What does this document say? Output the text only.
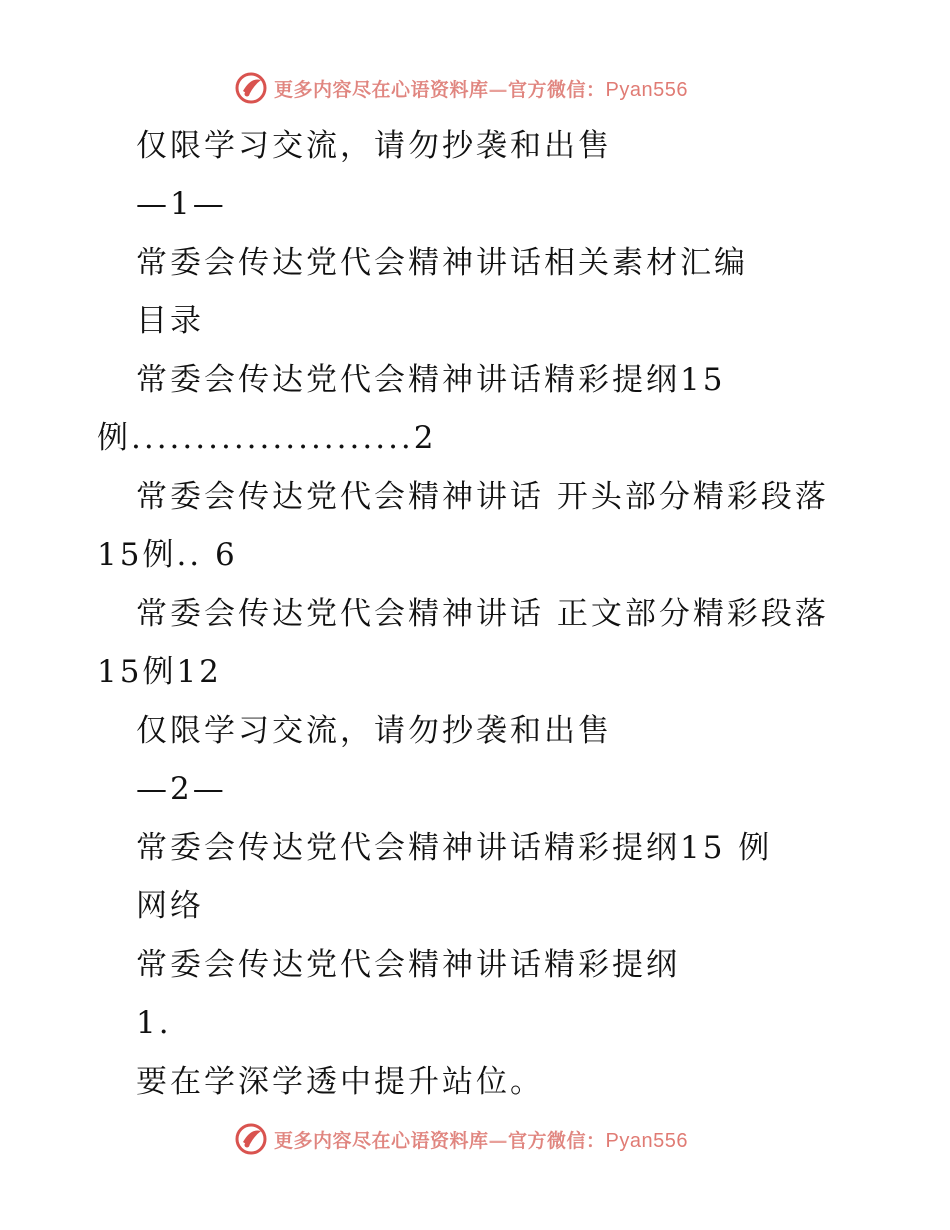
更多内容尽在心语资料库—官方微信：Pyan556
仅限学习交流，请勿抄袭和出售
—1—
常委会传达党代会精神讲话相关素材汇编
目录
常委会传达党代会精神讲话精彩提纲15
例......................2
常委会传达党代会精神讲话 开头部分精彩段落
15例.. 6
常委会传达党代会精神讲话 正文部分精彩段落
15例12
仅限学习交流，请勿抄袭和出售
—2—
常委会传达党代会精神讲话精彩提纲15 例
网络
常委会传达党代会精神讲话精彩提纲
1.
要在学深学透中提升站位。
更多内容尽在心语资料库—官方微信：Pyan556
